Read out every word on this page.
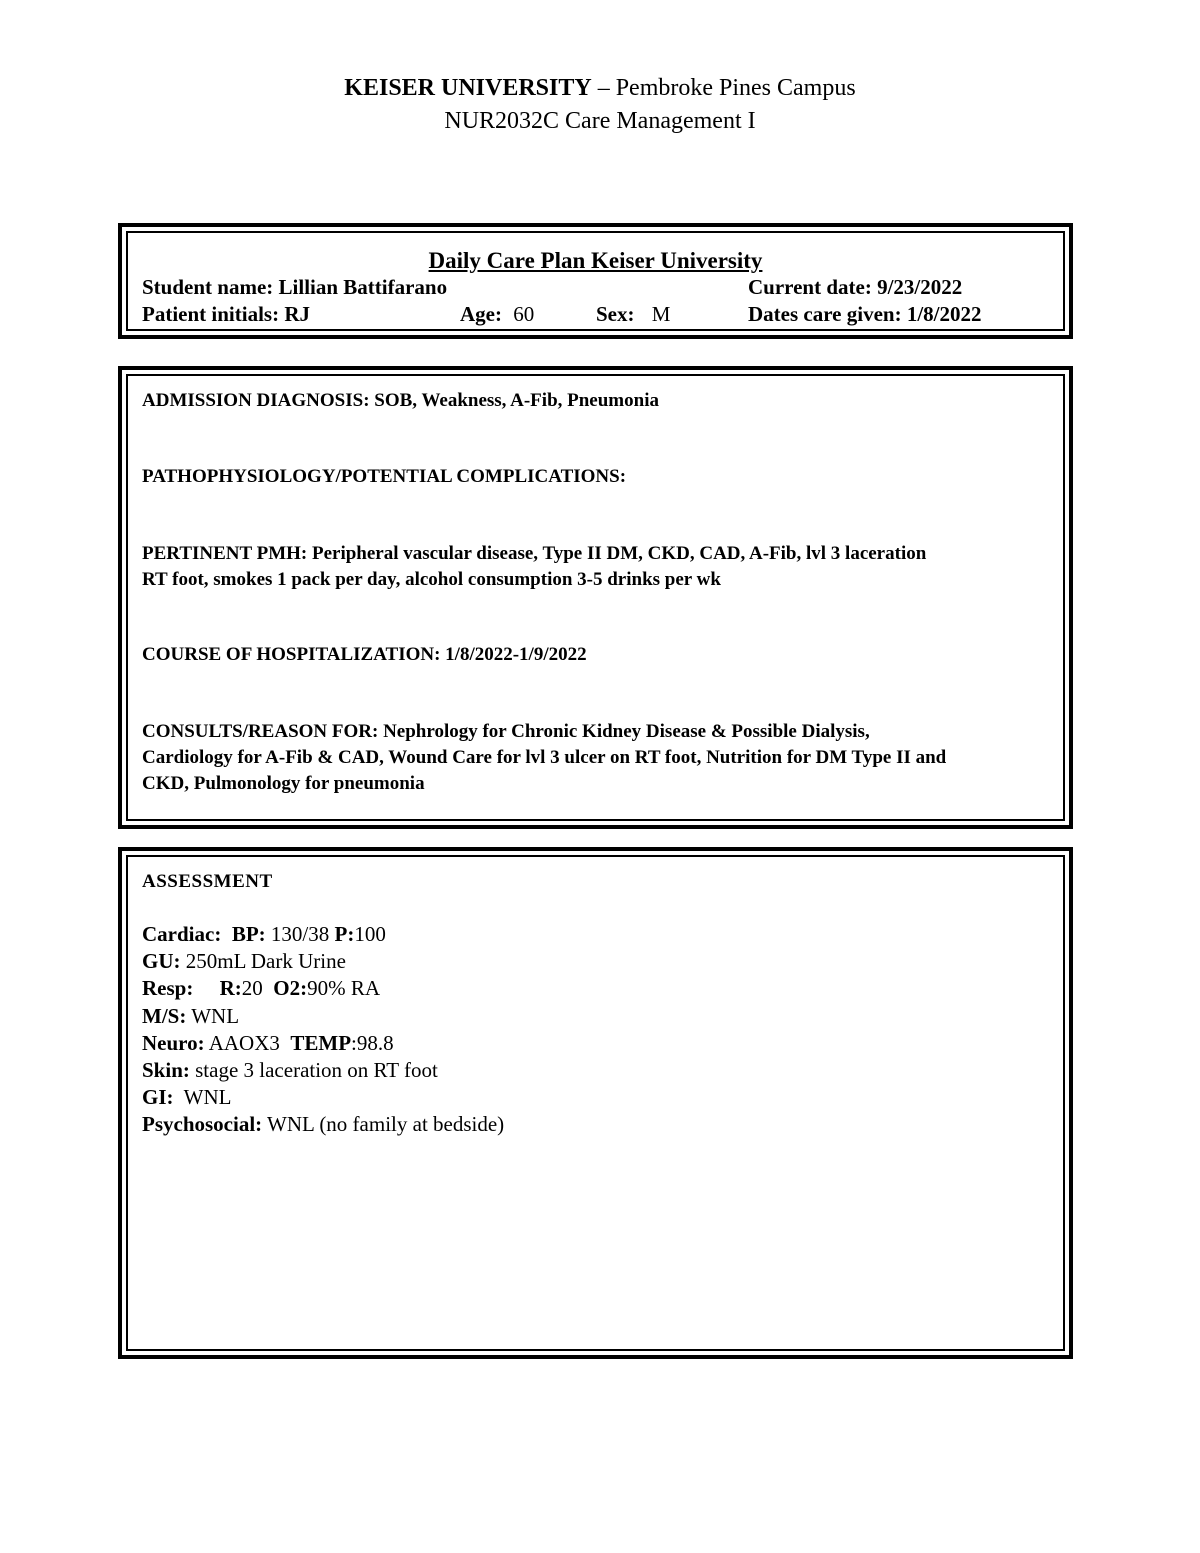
KEISER UNIVERSITY – Pembroke Pines Campus
NUR2032C Care Management I
Daily Care Plan Keiser University
Student name: Lillian Battifarano	Current date: 9/23/2022
Patient initials: RJ	Age: 60	Sex: M	Dates care given: 1/8/2022
ADMISSION DIAGNOSIS: SOB, Weakness, A-Fib, Pneumonia
PATHOPHYSIOLOGY/POTENTIAL COMPLICATIONS:
PERTINENT PMH: Peripheral vascular disease, Type II DM, CKD, CAD, A-Fib, lvl 3 laceration
RT foot, smokes 1 pack per day, alcohol consumption 3-5 drinks per wk
COURSE OF HOSPITALIZATION: 1/8/2022-1/9/2022
CONSULTS/REASON FOR: Nephrology for Chronic Kidney Disease & Possible Dialysis,
Cardiology for A-Fib & CAD, Wound Care for lvl 3 ulcer on RT foot, Nutrition for DM Type II and
CKD, Pulmonology for pneumonia
ASSESSMENT
Cardiac: BP: 130/38 P:100
GU: 250mL Dark Urine
Resp: R:20 O2:90% RA
M/S: WNL
Neuro: AAOX3 TEMP:98.8
Skin: stage 3 laceration on RT foot
GI: WNL
Psychosocial: WNL (no family at bedside)
